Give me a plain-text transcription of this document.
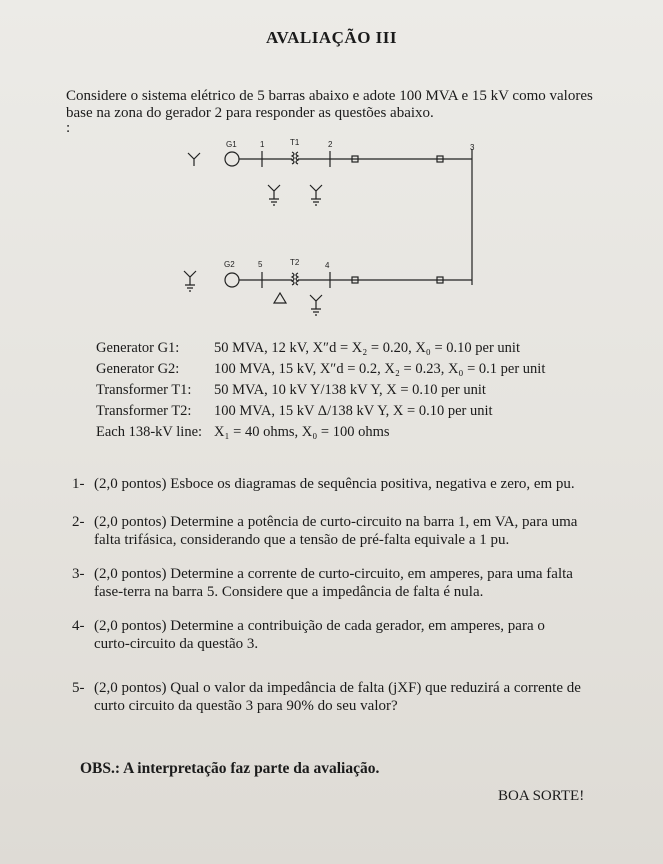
AVALIAÇÃO III
Considere o sistema elétrico de 5 barras abaixo e adote 100 MVA e 15 kV como valores base na zona do gerador 2 para responder as questões abaixo.
:
G1	1	T1	2	3
G2	5	T2	4
Generator G1: 50 MVA, 12 kV, X″d = X₂ = 0.20, X₀ = 0.10 per unit
Generator G2: 100 MVA, 15 kV, X″d = 0.2, X₂ = 0.23, X₀ = 0.1 per unit
Transformer T1: 50 MVA, 10 kV Y/138 kV Y, X = 0.10 per unit
Transformer T2: 100 MVA, 15 kV Δ/138 kV Y, X = 0.10 per unit
Each 138-kV line: X₁ = 40 ohms, X₀ = 100 ohms
1- (2,0 pontos) Esboce os diagramas de sequência positiva, negativa e zero, em pu.
2- (2,0 pontos) Determine a potência de curto-circuito na barra 1, em VA, para uma
falta trifásica, considerando que a tensão de pré-falta equivale a 1 pu.
3- (2,0 pontos) Determine a corrente de curto-circuito, em amperes, para uma falta
fase-terra na barra 5. Considere que a impedância de falta é nula.
4- (2,0 pontos) Determine a contribuição de cada gerador, em amperes, para o
curto-circuito da questão 3.
5- (2,0 pontos) Qual o valor da impedância de falta (jXF) que reduzirá a corrente de
curto circuito da questão 3 para 90% do seu valor?
OBS.: A interpretação faz parte da avaliação.
BOA SORTE!
